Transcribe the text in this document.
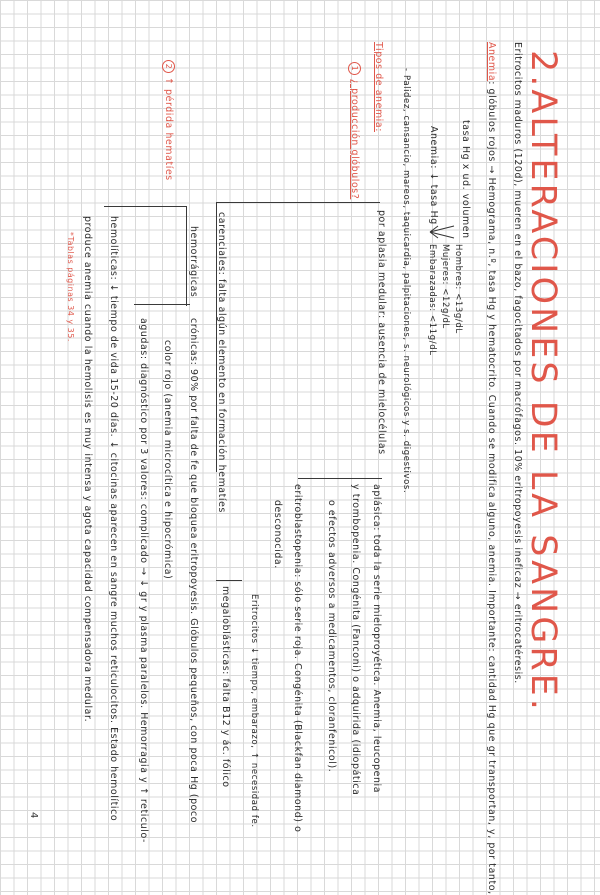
2.ALTERACIONES DE LA SANGRE.
Eritrocitos maduros (120d), mueren en el bazo, fagocitados por macrófagos. 10% eritropoyesis ineficaz → eritrocatéresis.
Anemia: glóbulos rojos → Hemograma, n.º, tasa Hg y hematocrito. Cuando se modifica alguno, anemia. Importante: cantidad Hg que gr transportan, y, por tanto,
tasa Hg x ud. volumen
Anemia: ↓ tasa Hg
Hombres: <13g/dL
Mujeres: <12g/dL
Embarazadas: <11g/dL
- Palidez, cansancio, mareos, taquicardia, palpitaciones, s. neurológicos y s. digestivos.
Tipos de anemia:
1¿ producción glóbulos?
por aplasia medular: ausencia de mielocélulas
aplásica: toda la serie mieloproyética. Anemia, leucopenia
y trombopenia. Congénita (Fanconi) o adquirida (idiopática
o efectos adversos a medicamentos, cloranfenicol).
eritroblastopenia: sólo serie roja. Congénita (Blackfan diamond) o
desconocida.
carenciales: falta algún elemento en formación hematíes
megaloblásticas: falta B12 y ác. fólico Eritrocitos ↓ tiempo, embarazo, ↑ necesidad fe.
hemorrágicas
crónicas: 90% por falta de fe que bloquea eritropoyesis. Glóbulos pequeños, con poca Hg (poco
color rojo (anemia microcítica e hipocrómica)
agudas: diagnóstico por 3 valores: complicado → ↓ gr y plasma paralelos. Hemorragia y ↑ reticulo-
2↑ pérdida hematíes
hemolíticas: ↓ tiempo de vida 15-20 días. ↓ citocinas aparecen en sangre muchos reticulocitos. Estado hemolítico
produce anemia cuando la hemolisis es muy intensa y agota capacidad compensadora medular.
*Tablas páginas 34 y 35.
4
